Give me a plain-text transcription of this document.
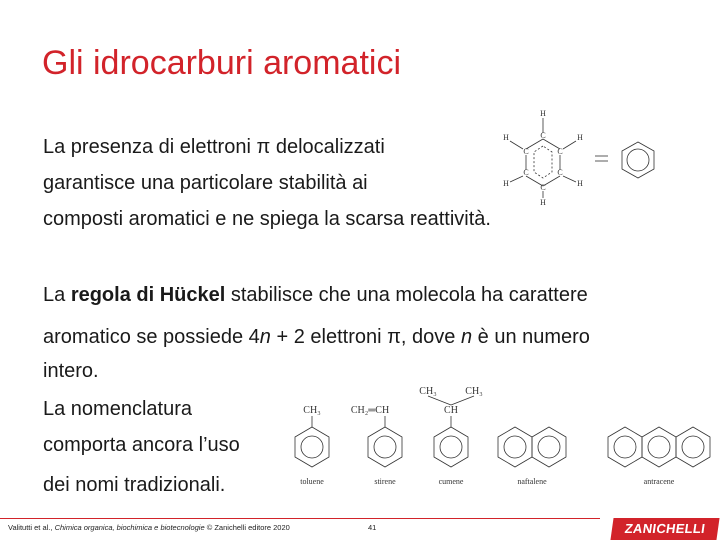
Gli idrocarburi aromatici
La presenza di elettroni π delocalizzati
garantisce una particolare stabilità ai
composti aromatici e ne spiega la scarsa reattività.
La regola di Hückel stabilisce che una molecola ha carattere
aromatico se possiede 4n + 2 elettroni π, dove n è un numero
intero.
La nomenclatura
comporta ancora l’uso
dei nomi tradizionali.
H
C
C	C
C	C
C
H	H
H	H
H
CH₃	CH₂═CH
CH₃	CH₃
CH
toluene	stirene	cumene	naftalene	antracene
Valitutti et al., Chimica organica, biochimica e biotecnologie © Zanichelli editore 2020	41	ZANICHELLI
